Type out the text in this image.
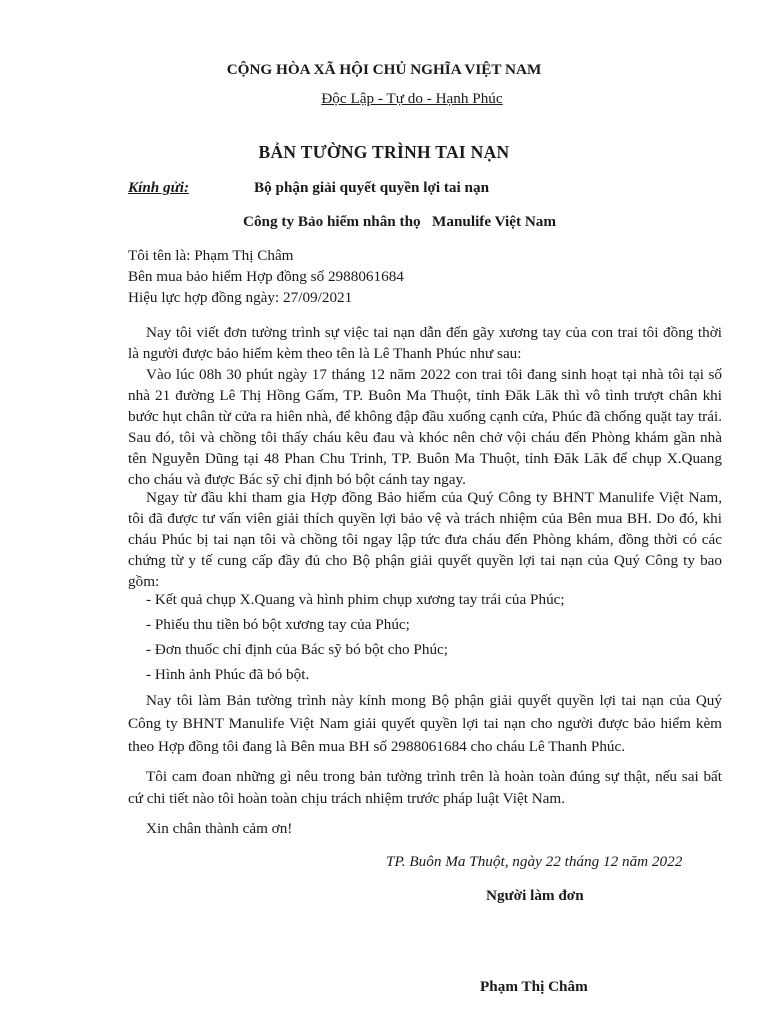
CỘNG HÒA XÃ HỘI CHỦ NGHĨA VIỆT NAM
Độc Lập - Tự do - Hạnh Phúc
BẢN TƯỜNG TRÌNH TAI NẠN
Kính gửi:	Bộ phận giải quyết quyền lợi tai nạn
Công ty Bảo hiểm nhân thọ   Manulife Việt Nam
Tôi tên là: Phạm Thị Châm
Bên mua bảo hiểm Hợp đồng số 2988061684
Hiệu lực hợp đồng ngày: 27/09/2021

Nay tôi viết đơn tường trình sự việc tai nạn dẫn đến gãy xương tay của con trai tôi đồng thời là người được bảo hiểm kèm theo tên là Lê Thanh Phúc như sau:

Vào lúc 08h 30 phút ngày 17 tháng 12 năm 2022 con trai tôi đang sinh hoạt tại nhà tôi tại số nhà 21 đường Lê Thị Hồng Gấm, TP. Buôn Ma Thuột, tỉnh Đăk Lăk thì vô tình trượt chân khi bước hụt chân từ cửa ra hiên nhà, để không đập đầu xuống cạnh cửa, Phúc đã chống quặt tay trái. Sau đó, tôi và chồng tôi thấy cháu kêu đau và khóc nên chở vội cháu đến Phòng khám gần nhà tên Nguyễn Dũng tại 48 Phan Chu Trinh, TP. Buôn Ma Thuột, tỉnh Đăk Lăk để chụp X.Quang cho cháu và được Bác sỹ chỉ định bó bột cánh tay ngay.

Ngay từ đầu khi tham gia Hợp đồng Bảo hiểm của Quý Công ty BHNT Manulife Việt Nam, tôi đã được tư vấn viên giải thích quyền lợi bảo vệ và trách nhiệm của Bên mua BH. Do đó, khi cháu Phúc bị tai nạn tôi và chồng tôi ngay lập tức đưa cháu đến Phòng khám, đồng thời có các chứng từ y tế cung cấp đầy đủ cho Bộ phận giải quyết quyền lợi tai nạn của Quý Công ty bao gồm:

- Kết quả chụp X.Quang và hình phim chụp xương tay trái của Phúc;
- Phiếu thu tiền bó bột xương tay của Phúc;
- Đơn thuốc chỉ định của Bác sỹ bó bột cho Phúc;
- Hình ảnh Phúc đã bó bột.

Nay tôi làm Bản tường trình này kính mong Bộ phận giải quyết quyền lợi tai nạn của Quý Công ty BHNT Manulife Việt Nam giải quyết quyền lợi tai nạn cho người được bảo hiểm kèm theo Hợp đồng tôi đang là Bên mua BH số 2988061684 cho cháu Lê Thanh Phúc.

Tôi cam đoan những gì nêu trong bản tường trình trên là hoàn toàn đúng sự thật, nếu sai bất cứ chi tiết nào tôi hoàn toàn chịu trách nhiệm trước pháp luật Việt Nam.

Xin chân thành cảm ơn!
TP. Buôn Ma Thuột, ngày 22 tháng 12 năm 2022
Người làm đơn
Phạm Thị Châm
